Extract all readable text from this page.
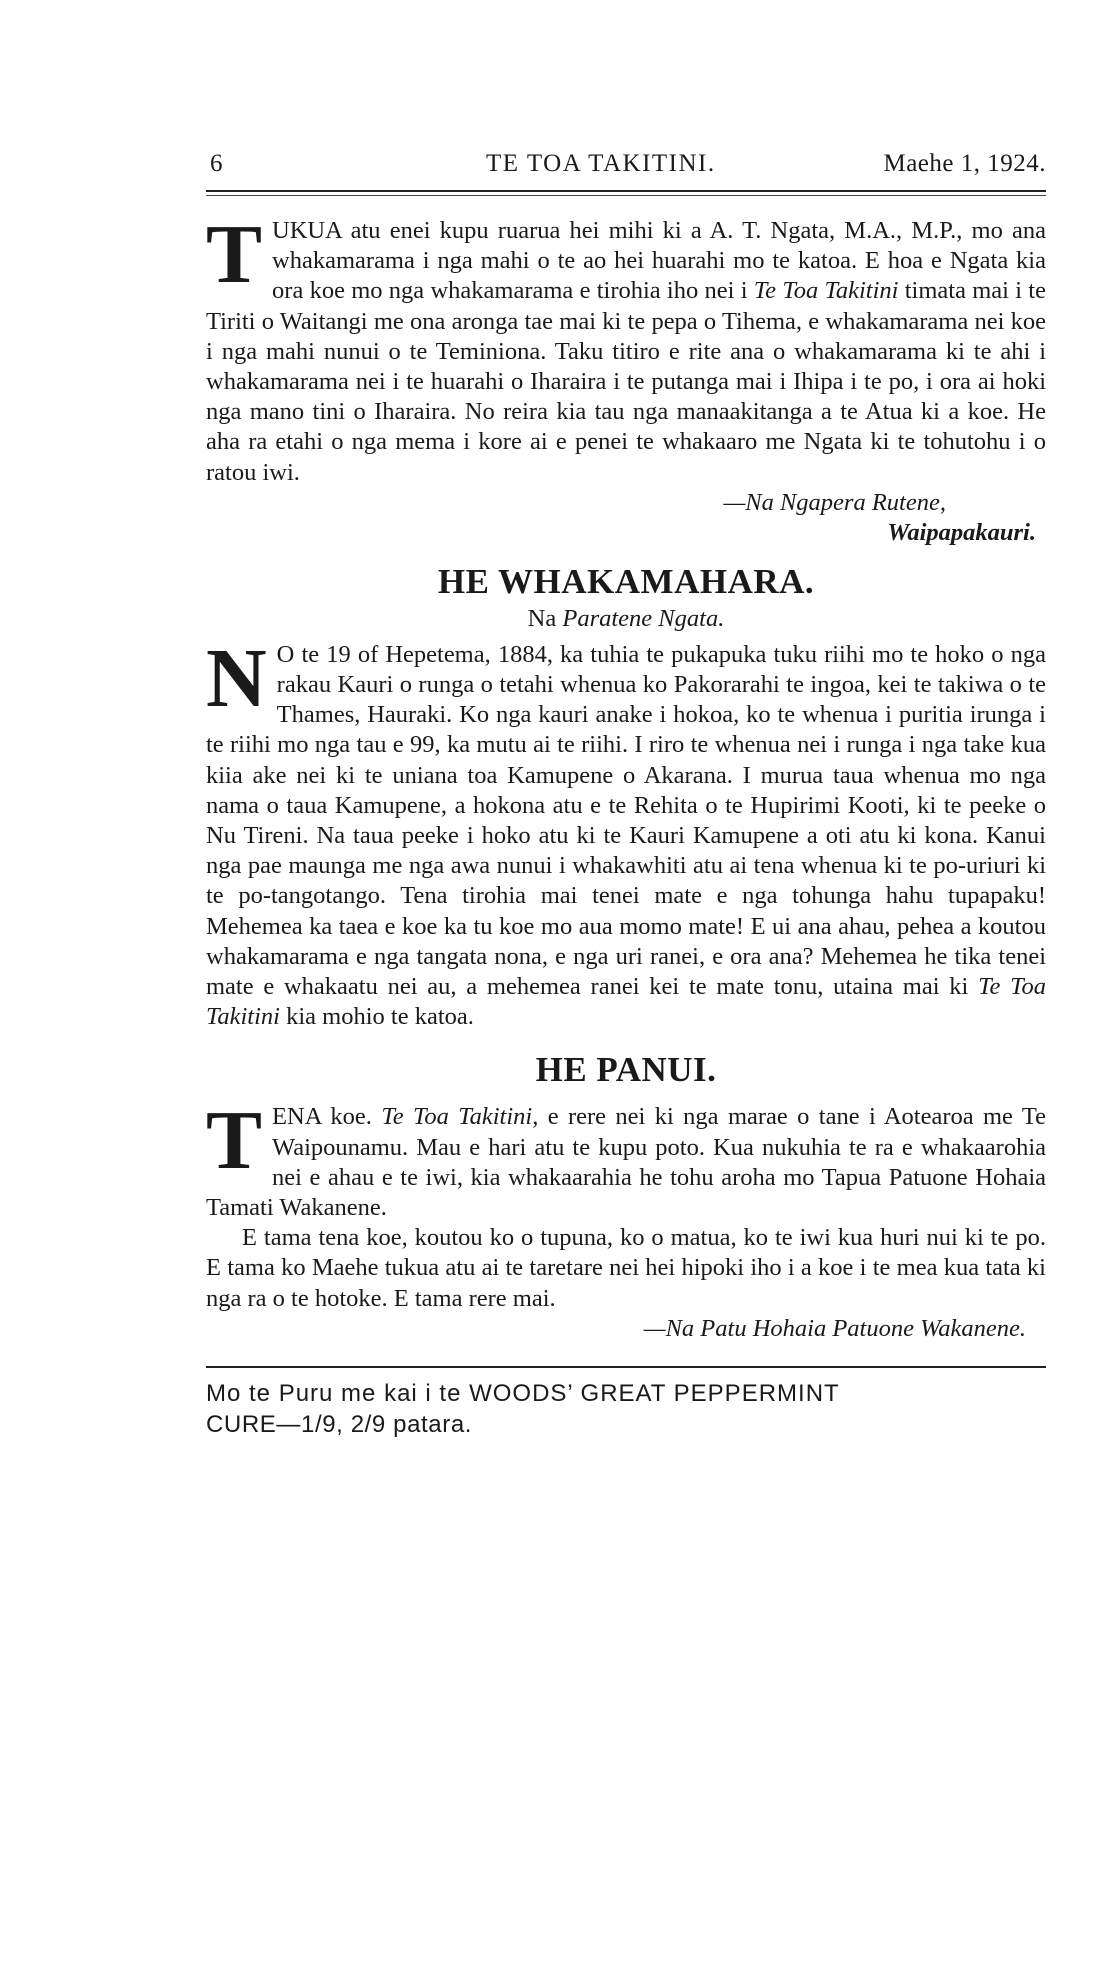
6	TE TOA TAKITINI.	Maehe 1, 1924.

TUKUA atu enei kupu ruarua hei mihi ki a A. T. Ngata, M.A., M.P., mo ana whakamarama i nga mahi o te ao hei huarahi mo te katoa. E hoa e Ngata kia ora koe mo nga whakamarama e tirohia iho nei i Te Toa Takitini timata mai i te Tiriti o Waitangi me ona aronga tae mai ki te pepa o Tihema, e whakamarama nei koe i nga mahi nunui o te Teminiona. Taku titiro e rite ana o whakamarama ki te ahi i whakamarama nei i te huarahi o Iharaira i te putanga mai i Ihipa i te po, i ora ai hoki nga mano tini o Iharaira. No reira kia tau nga manaakitanga a te Atua ki a koe. He aha ra etahi o nga mema i kore ai e penei te whakaaro me Ngata ki te tohutohu i o ratou iwi.

—Na Ngapera Rutene,
Waipapakauri.
HE WHAKAMAHARA.
Na Paratene Ngata.

N O te 19 of Hepetema, 1884, ka tuhia te pukapuka tuku riihi mo te hoko o nga rakau Kauri o runga o tetahi whenua ko Pakorarahi te ingoa, kei te takiwa o te Thames, Hauraki. Ko nga kauri anake i hokoa, ko te whenua i puritia irunga i te riihi mo nga tau e 99, ka mutu ai te riihi. I riro te whenua nei i runga i nga take kua kiia ake nei ki te uniana toa Kamupene o Akarana. I murua taua whenua mo nga nama o taua Kamupene, a hokona atu e te Rehita o te Hupirimi Kooti, ki te peeke o Nu Tireni. Na taua peeke i hoko atu ki te Kauri Kamupene a oti atu ki kona. Kanui nga pae maunga me nga awa nunui i whakawhiti atu ai tena whenua ki te po-uriuri ki te po-tangotango. Tena tirohia mai tenei mate e nga tohunga hahu tupapaku! Mehemea ka taea e koe ka tu koe mo aua momo mate! E ui ana ahau, pehea a koutou whakamarama e nga tangata nona, e nga uri ranei, e ora ana? Mehemea he tika tenei mate e whakaatu nei au, a mehemea ranei kei te mate tonu, utaina mai ki Te Toa Takitini kia mohio te katoa.

HE PANUI.

TENA koe. Te Toa Takitini, e rere nei ki nga marae o tane i Aotearoa me Te Waipounamu. Mau e hari atu te kupu poto. Kua nukuhia te ra e whakaarohia nei e ahau e te iwi, kia whakaarahia he tohu aroha mo Tapua Patuone Hohaia Tamati Wakanene.

E tama tena koe, koutou ko o tupuna, ko o matua, ko te iwi kua huri nui ki te po. E tama ko Maehe tukua atu ai te taretare nei hei hipoki iho i a koe i te mea kua tata ki nga ra o te hotoke. E tama rere mai.

—Na Patu Hohaia Patuone Wakanene.
Mo te Puru me kai i te WOODS’ GREAT PEPPERMINT
CURE—1/9, 2/9 patara.
